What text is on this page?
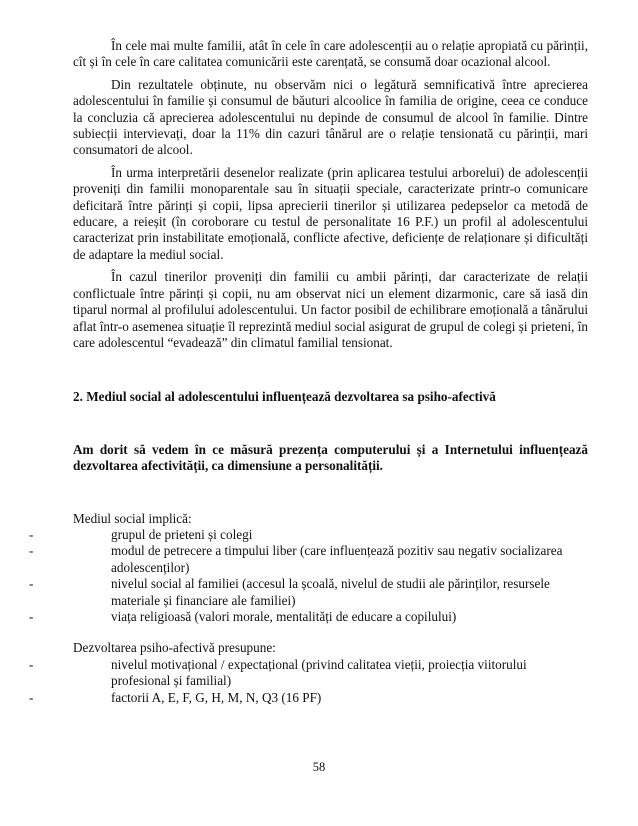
În cele mai multe familii, atât în cele în care adolescenții au o relație apropiată cu părinții, cît și în cele în care calitatea comunicării este carențată, se consumă doar ocazional alcool.

Din rezultatele obținute, nu observăm nici o legătură semnificativă între aprecierea adolescentului în familie și consumul de băuturi alcoolice în familia de origine, ceea ce conduce la concluzia că aprecierea adolescentului nu depinde de consumul de alcool în familie. Dintre subiecții intervievați, doar la 11% din cazuri tânărul are o relație tensionată cu părinții, mari consumatori de alcool.

În urma interpretării desenelor realizate (prin aplicarea testului arborelui) de adolescenții proveniți din familii monoparentale sau în situații speciale, caracterizate printr-o comunicare deficitară între părinți și copii, lipsa aprecierii tinerilor și utilizarea pedepselor ca metodă de educare, a reieșit (în coroborare cu testul de personalitate 16 P.F.) un profil al adolescentului caracterizat prin instabilitate emoțională, conflicte afective, deficiențe de relaționare și dificultăți de adaptare la mediul social.

În cazul tinerilor proveniți din familii cu ambii părinți, dar caracterizate de relații conflictuale între părinți și copii, nu am observat nici un element dizarmonic, care să iasă din tiparul normal al profilului adolescentului. Un factor posibil de echilibrare emoțională a tânărului aflat într-o asemenea situație îl reprezintă mediul social asigurat de grupul de colegi și prieteni, în care adolescentul “evadează” din climatul familial tensionat.

2. Mediul social al adolescentului influențează dezvoltarea sa psiho-afectivă
Am dorit să vedem în ce măsură prezența computerului și a Internetului influențează dezvoltarea afectivității, ca dimensiune a personalității.

Mediul social implică:

-	grupul de prieteni și colegi
-	modul de petrecere a timpului liber (care influențează pozitiv sau negativ socializarea adolescenților)
-	nivelul social al familiei (accesul la școală, nivelul de studii ale părinților, resursele materiale și financiare ale familiei)
-	viața religioasă (valori morale, mentalități de educare a copilului)

Dezvoltarea psiho-afectivă presupune:

-	nivelul motivațional / expectațional (privind calitatea vieții, proiecția viitorului profesional și familial)
-	factorii A, E, F, G, H, M, N, Q3 (16 PF)
58
